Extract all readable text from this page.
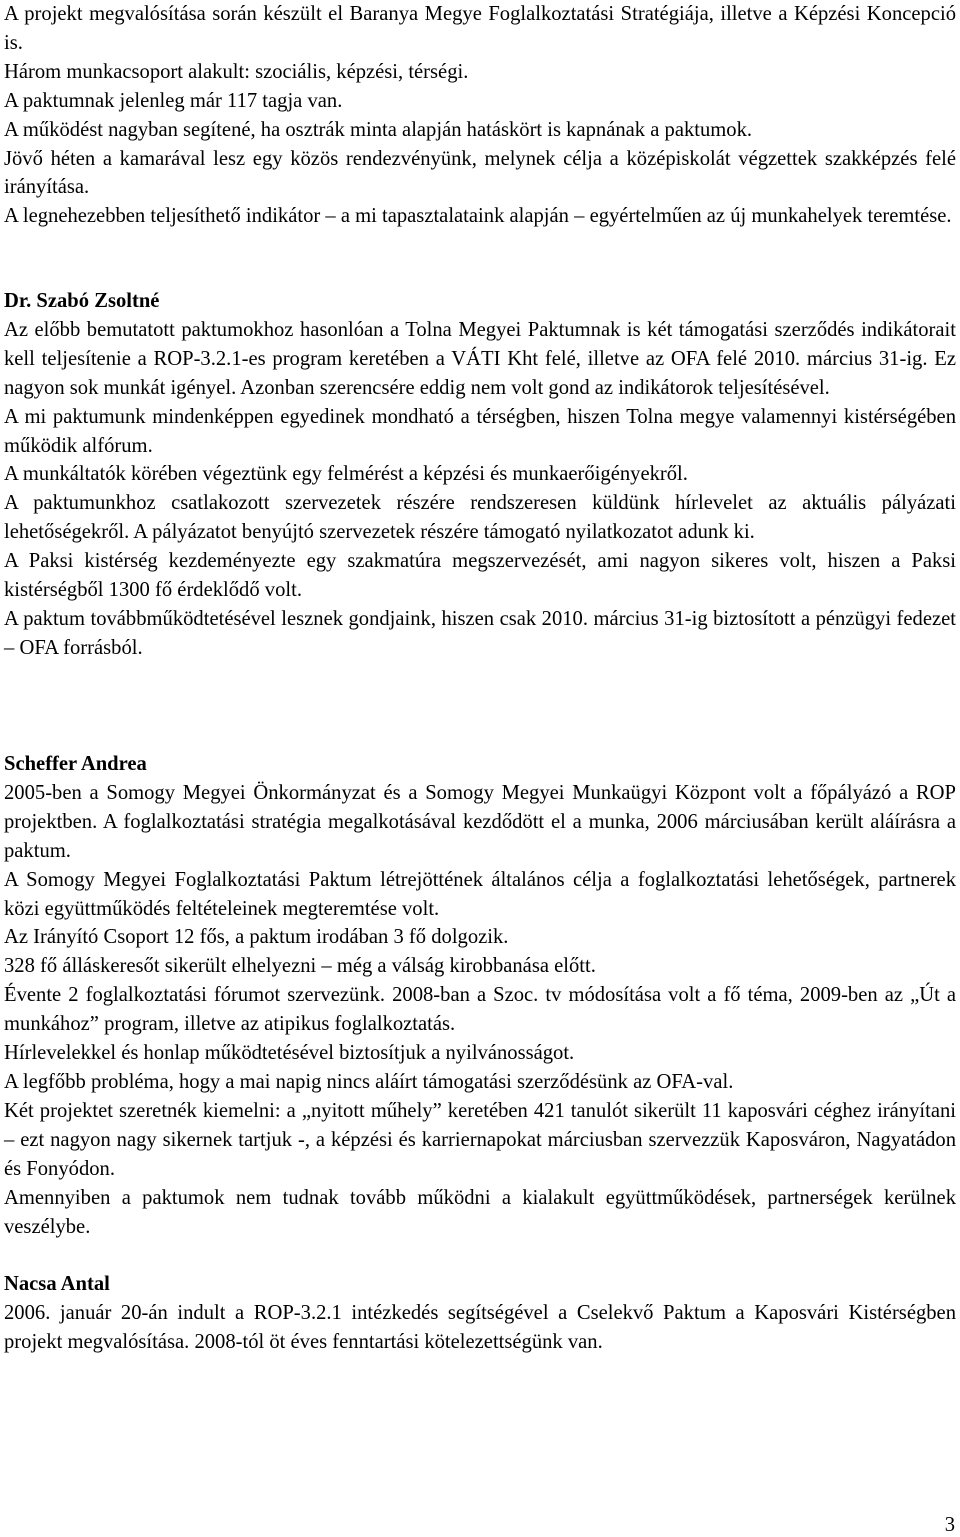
A projekt megvalósítása során készült el Baranya Megye Foglalkoztatási Stratégiája, illetve a Képzési Koncepció is.

Három munkacsoport alakult: szociális, képzési, térségi.

A paktumnak jelenleg már 117 tagja van.

A működést nagyban segítené, ha osztrák minta alapján hatáskört is kapnának a paktumok.

Jövő héten a kamarával lesz egy közös rendezvényünk, melynek célja a középiskolát végzettek szakképzés felé irányítása.

A legnehezebben teljesíthető indikátor – a mi tapasztalataink alapján – egyértelműen az új munkahelyek teremtése.

Dr. Szabó Zsoltné

Az előbb bemutatott paktumokhoz hasonlóan a Tolna Megyei Paktumnak is két támogatási szerződés indikátorait kell teljesítenie a ROP-3.2.1-es program keretében a VÁTI Kht felé, illetve az OFA felé 2010. március 31-ig. Ez nagyon sok munkát igényel. Azonban szerencsére eddig nem volt gond az indikátorok teljesítésével.

A mi paktumunk mindenképpen egyedinek mondható a térségben, hiszen Tolna megye valamennyi kistérségében működik alfórum.

A munkáltatók körében végeztünk egy felmérést a képzési és munkaerőigényekről.

A paktumunkhoz csatlakozott szervezetek részére rendszeresen küldünk hírlevelet az aktuális pályázati lehetőségekről. A pályázatot benyújtó szervezetek részére támogató nyilatkozatot adunk ki.

A Paksi kistérség kezdeményezte egy szakmatúra megszervezését, ami nagyon sikeres volt, hiszen a Paksi kistérségből 1300 fő érdeklődő volt.

A paktum továbbműködtetésével lesznek gondjaink, hiszen csak 2010. március 31-ig biztosított a pénzügyi fedezet – OFA forrásból.

Scheffer Andrea

2005-ben a Somogy Megyei Önkormányzat és a Somogy Megyei Munkaügyi Központ volt a főpályázó a ROP projektben. A foglalkoztatási stratégia megalkotásával kezdődött el a munka, 2006 márciusában került aláírásra a paktum.

A Somogy Megyei Foglalkoztatási Paktum létrejöttének általános célja a foglalkoztatási lehetőségek, partnerek közi együttműködés feltételeinek megteremtése volt.

Az Irányító Csoport 12 fős, a paktum irodában 3 fő dolgozik.

328 fő álláskeresőt sikerült elhelyezni – még a válság kirobbanása előtt.

Évente 2 foglalkoztatási fórumot szervezünk. 2008-ban a Szoc. tv módosítása volt a fő téma, 2009-ben az „Út a munkához” program, illetve az atipikus foglalkoztatás.

Hírlevelekkel és honlap működtetésével biztosítjuk a nyilvánosságot.

A legfőbb probléma, hogy a mai napig nincs aláírt támogatási szerződésünk az OFA-val.

Két projektet szeretnék kiemelni: a „nyitott műhely” keretében 421 tanulót sikerült 11 kaposvári céghez irányítani – ezt nagyon nagy sikernek tartjuk -, a képzési és karriernapokat márciusban szervezzük Kaposváron, Nagyatádon és Fonyódon.

Amennyiben a paktumok nem tudnak tovább működni a kialakult együttműködések, partnerségek kerülnek veszélybe.

Nacsa Antal

2006. január 20-án indult a ROP-3.2.1 intézkedés segítségével a Cselekvő Paktum a Kaposvári Kistérségben projekt megvalósítása. 2008-tól öt éves fenntartási kötelezettségünk van.

3
